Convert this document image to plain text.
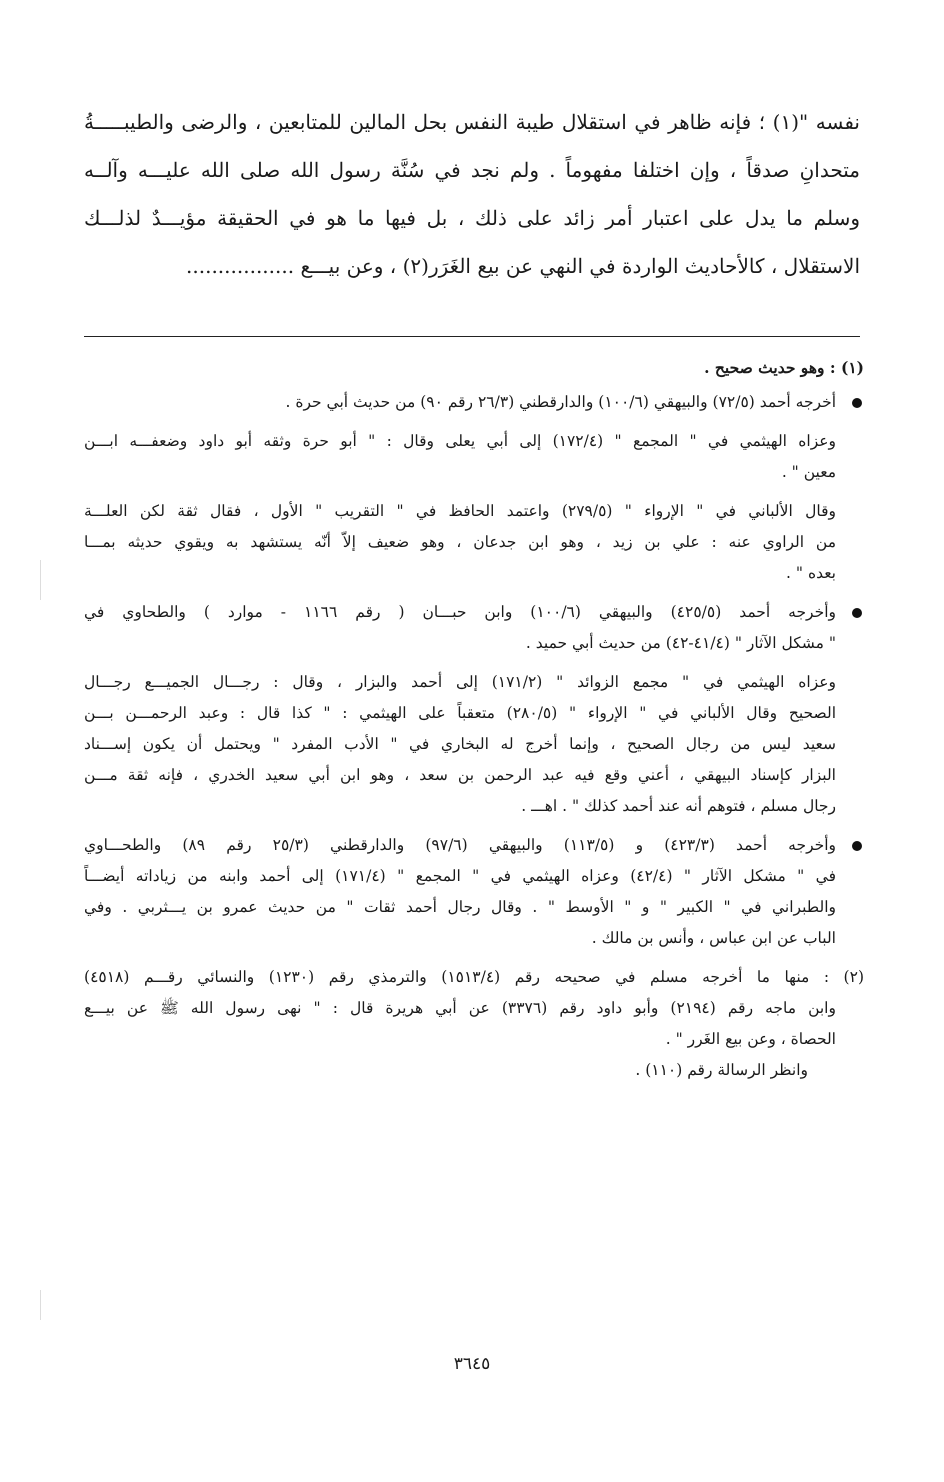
نفسه "(١) ؛ فإنه ظاهر في استقلال طيبة النفس بحل المالين للمتابعين ، والرضى والطيبـــــةُ
متحدانِ صدقاً ، وإن اختلفا مفهوماً . ولم نجد في سُنَّة رسول الله صلى الله عليـــه وآلــه
وسلم ما يدل على اعتبار أمر زائد على ذلك ، بل فيها ما هو في الحقيقة مؤيـــدٌ لذلـــك
الاستقلال ، كالأحاديث الواردة في النهي عن بيع الغَرَر(٢) ، وعن بيـــع .................
(١) : وهو حديث صحيح .
أخرجه أحمد (٧٢/٥) والبيهقي (١٠٠/٦) والدارقطني (٢٦/٣ رقم ٩٠) من حديث أبي حرة .
وعزاه الهيثمي في " المجمع " (١٧٢/٤) إلى أبي يعلى وقال : " أبو حرة وثقه أبو داود وضعفـــه ابـــن
معين " .
وقال الألباني في " الإرواء " (٢٧٩/٥) واعتمد الحافظ في " التقريب " الأول ، فقال ثقة لكن العلـــة
من الراوي عنه : علي بن زيد ، وهو ابن جدعان ، وهو ضعيف إلاّ أنّه يستشهد به ويقوي حديثه بمـــا
بعده " .
وأخرجه أحمد (٤٢٥/٥) والبيهقي (١٠٠/٦) وابن حبـــان ( رقم ١١٦٦ - موارد ) والطحاوي في
" مشكل الآثار " (٤١/٤-٤٢) من حديث أبي حميد .
وعزاه الهيثمي في " مجمع الزوائد " (١٧١/٢) إلى أحمد والبزار ، وقال : رجـــال الجميـــع رجـــال
الصحيح وقال الألباني في " الإرواء " (٢٨٠/٥) متعقباً على الهيثمي : " كذا قال : وعبد الرحمـــن بـــن
سعيد ليس من رجال الصحيح ، وإنما أخرج له البخاري في " الأدب المفرد " ويحتمل أن يكون إســـناد
البزار كإسناد البيهقي ، أعني وقع فيه عبد الرحمن بن سعد ، وهو ابن أبي سعيد الخدري ، فإنه ثقة مـــن
رجال مسلم ، فتوهم أنه عند أحمد كذلك " . اهـــ .
وأخرجه أحمد (٤٢٣/٣) و (١١٣/٥) والبيهقي (٩٧/٦) والدارقطني (٢٥/٣ رقم ٨٩) والطحـــاوي
في " مشكل الآثار " (٤٢/٤) وعزاه الهيثمي في " المجمع " (١٧١/٤) إلى أحمد وابنه من زياداته أيضـــاً
والطبراني في " الكبير " و " الأوسط " . وقال رجال أحمد ثقات " من حديث عمرو بن يـــثربي . وفي
الباب عن ابن عباس ، وأنس بن مالك .
(٢) : منها ما أخرجه مسلم في صحيحه رقم (١٥١٣/٤) والترمذي رقم (١٢٣٠) والنسائي رقـــم (٤٥١٨)
وابن ماجه رقم (٢١٩٤) وأبو داود رقم (٣٣٧٦) عن أبي هريرة قال : " نهى رسول الله ﷺ عن بيـــع
الحصاة ، وعن بيع الغَرر " .
وانظر الرسالة رقم (١١٠) .
٣٦٤٥
